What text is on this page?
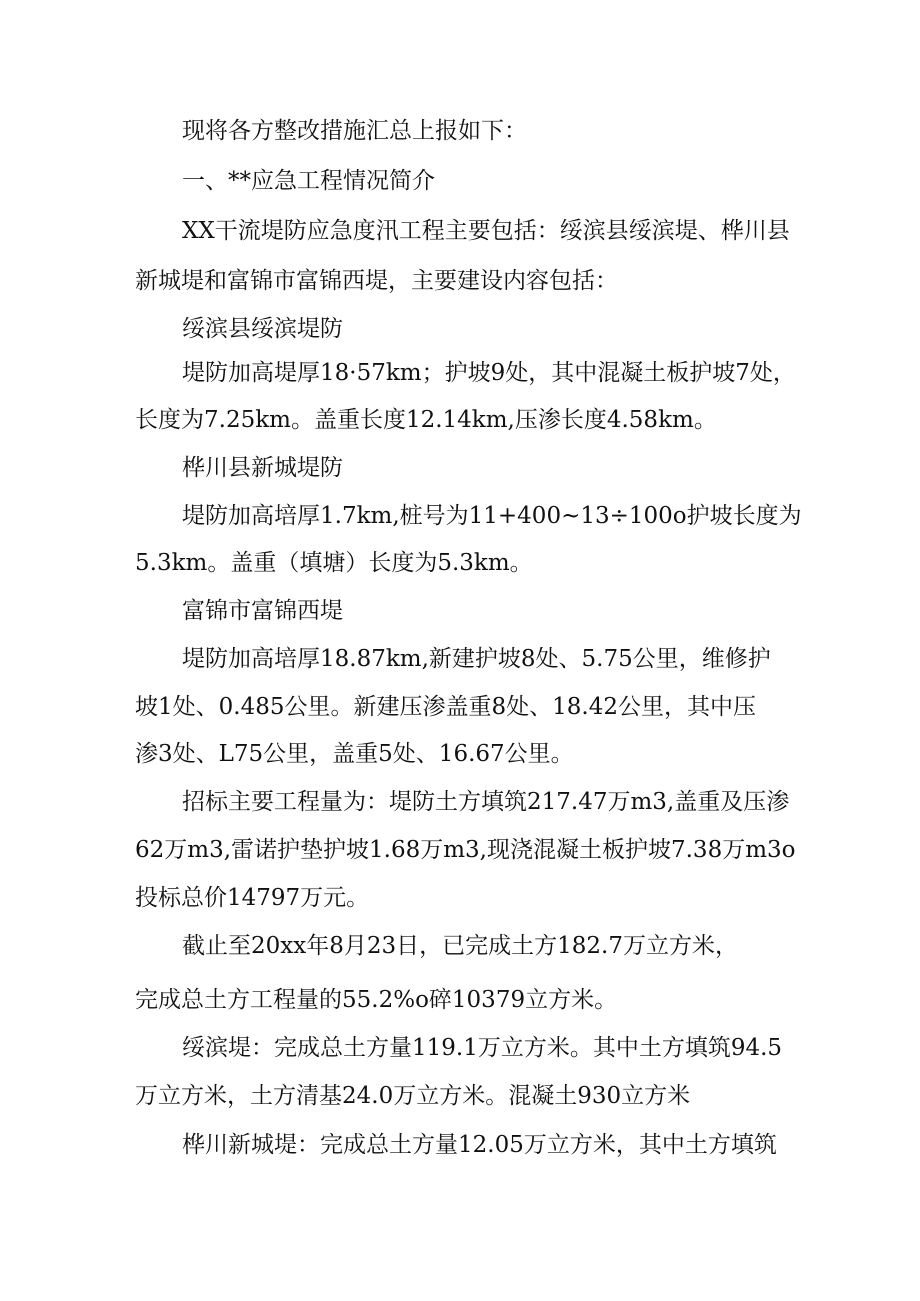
现将各方整改措施汇总上报如下：

一、**应急工程情况简介

XX干流堤防应急度汛工程主要包括：绥滨县绥滨堤、桦川县

新城堤和富锦市富锦西堤，主要建设内容包括：

绥滨县绥滨堤防

堤防加高堤厚18·57km；护坡9处，其中混凝土板护坡7处，

长度为7.25km。盖重长度12.14km,压渗长度4.58km。

桦川县新城堤防

堤防加高培厚1.7km,桩号为11+400~13÷100o护坡长度为

5.3km。盖重（填塘）长度为5.3km。

富锦市富锦西堤

堤防加高培厚18.87km,新建护坡8处、5.75公里，维修护

坡1处、0.485公里。新建压渗盖重8处、18.42公里，其中压

渗3处、L75公里，盖重5处、16.67公里。

招标主要工程量为：堤防土方填筑217.47万m3,盖重及压渗

62万m3,雷诺护垫护坡1.68万m3,现浇混凝土板护坡7.38万m3o

投标总价14797万元。

截止至20xx年8月23日，已完成土方182.7万立方米，

完成总土方工程量的55.2%o碎10379立方米。

绥滨堤：完成总土方量119.1万立方米。其中土方填筑94.5

万立方米，土方清基24.0万立方米。混凝土930立方米

桦川新城堤：完成总土方量12.05万立方米，其中土方填筑
